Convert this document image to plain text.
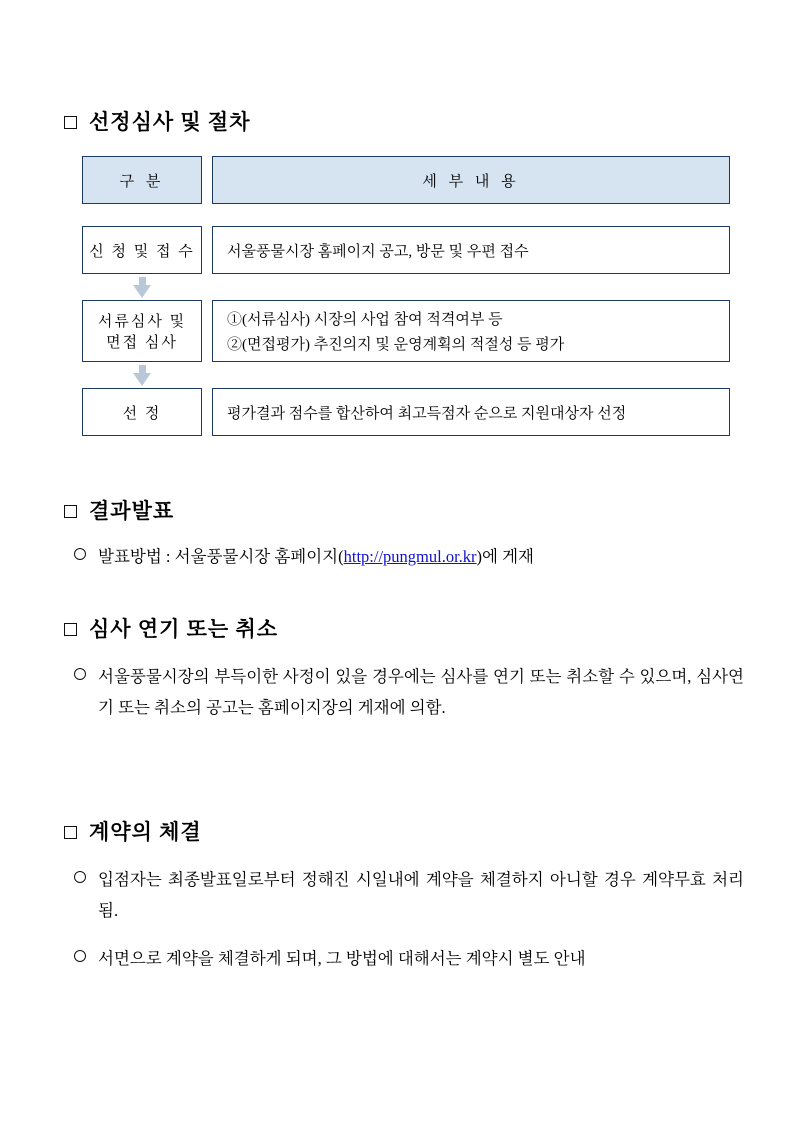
선정심사 및 절차
구 분	세 부 내 용
신 청 및 접 수 서울풍물시장 홈페이지 공고, 방문 및 우편 접수
서류심사 및
면접 심사
①(서류심사) 시장의 사업 참여 적격여부 등
②(면접평가) 추진의지 및 운영계획의 적절성 등 평가
선 정	평가결과 점수를 합산하여 최고득점자 순으로 지원대상자 선정
결과발표
발표방법 : 서울풍물시장 홈페이지(http://pungmul.or.kr)에 게재
심사 연기 또는 취소
서울풍물시장의 부득이한 사정이 있을 경우에는 심사를 연기 또는 취소할 수 있으며, 심사연기 또는 취소의 공고는 홈페이지장의 게재에 의함.
계약의 체결
입점자는 최종발표일로부터 정해진 시일내에 계약을 체결하지 아니할 경우 계약무효 처리됨.
서면으로 계약을 체결하게 되며, 그 방법에 대해서는 계약시 별도 안내
